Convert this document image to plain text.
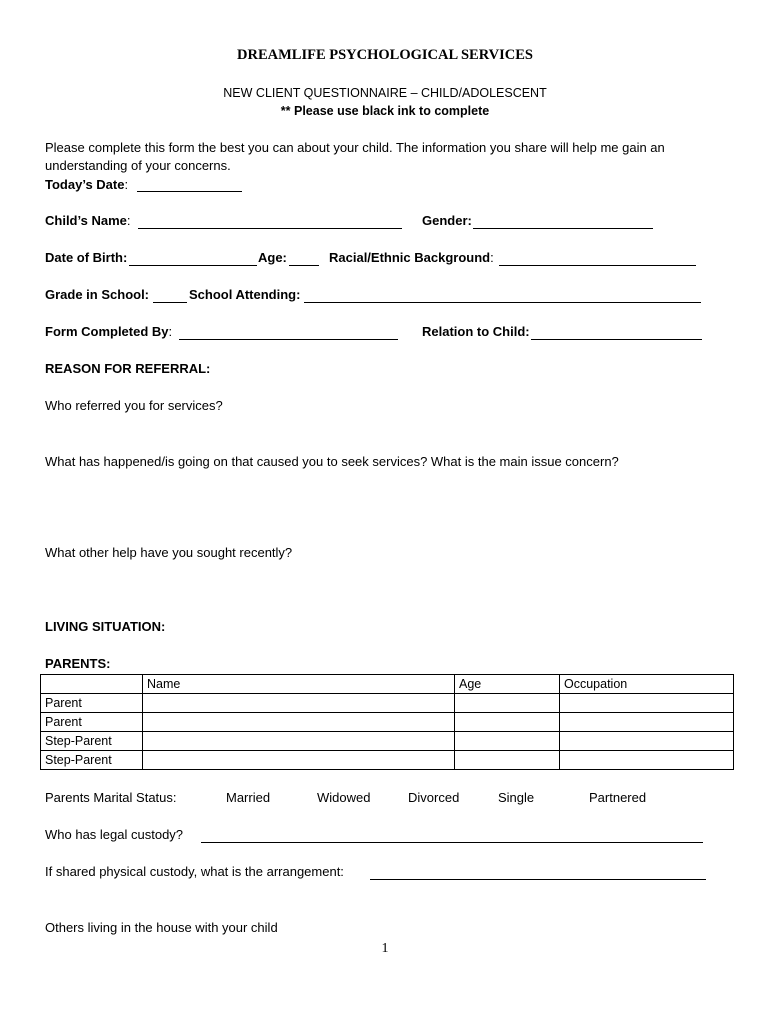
DREAMLIFE PSYCHOLOGICAL SERVICES
NEW CLIENT QUESTIONNAIRE – CHILD/ADOLESCENT
** Please use black ink to complete
Please complete this form the best you can about your child. The information you share will help me gain an
understanding of your concerns.
Today’s Date:
Child’s Name:	Gender:
Date of Birth:	Age:	Racial/Ethnic Background:
Grade in School:	School Attending:
Form Completed By:	Relation to Child:
REASON FOR REFERRAL:
Who referred you for services?
What has happened/is going on that caused you to seek services? What is the main issue concern?
What other help have you sought recently?
LIVING SITUATION:
PARENTS:
	Name	Age	Occupation
Parent			
Parent			
Step-Parent			
Step-Parent			
Parents Marital Status:	Married	Widowed	Divorced	Single	Partnered
Who has legal custody?
If shared physical custody, what is the arrangement:
Others living in the house with your child
1
